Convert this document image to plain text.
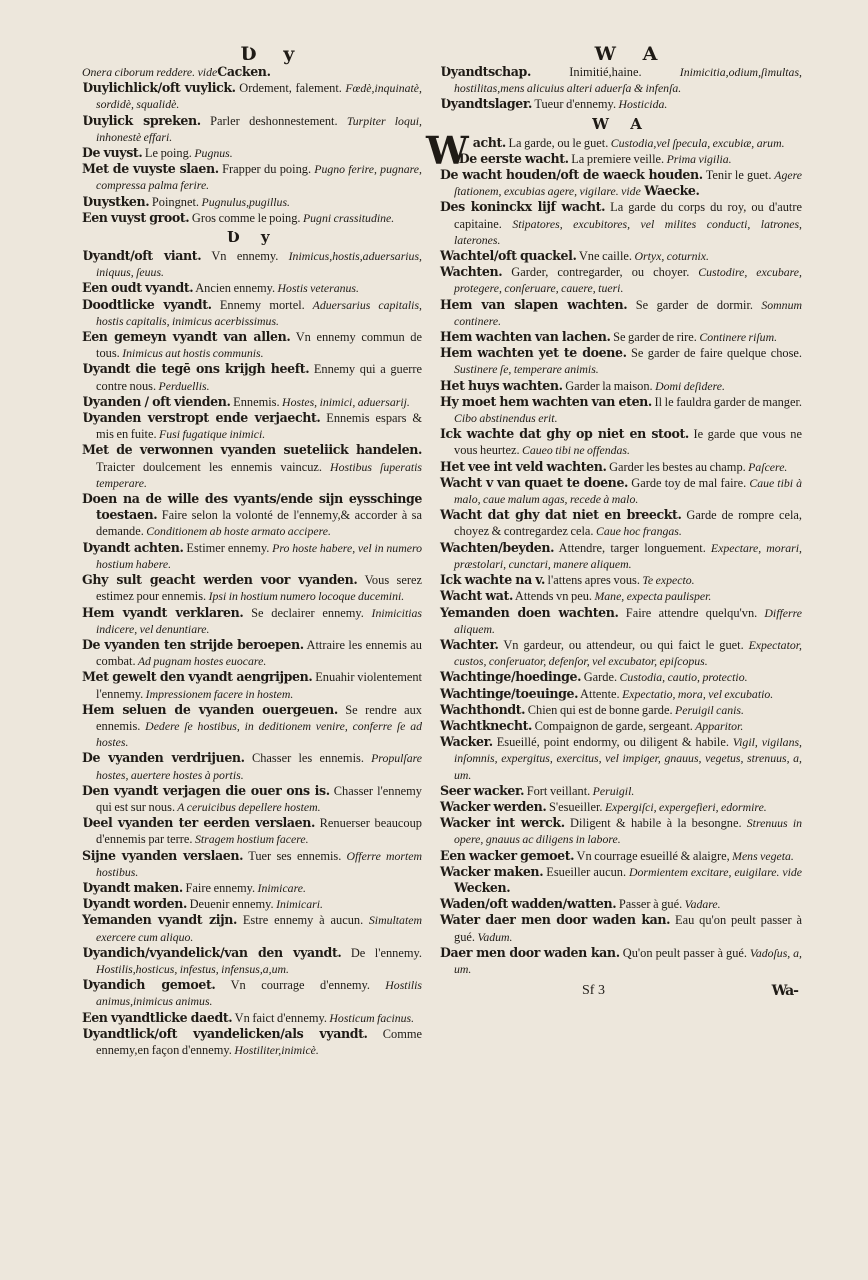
Ʋ y

Onera ciborum reddere. videCacken.

Ʋuylichlick/oft vuylick. Ordement, falement. Fœdè,inquinatè, sordidè, squalidè.

Ʋuylick spreken. Parler deshonnestement. Turpiter loqui, inhonestè effari.

De vuyst. Le poing. Pugnus.

Met de vuyste slaen. Frapper du poing. Pugno ferire, pugnare, compressa palma ferire.

Ʋuystken. Poingnet. Pugnulus,pugillus.

Een vuyst groot. Gros comme le poing. Pugni crassitudine.

Ʋ y

Ʋyandt/oft viant. Vn ennemy. Inimicus,hostis,aduersarius, iniquus, ſeuus.

Een oudt vyandt. Ancien ennemy. Hostis veteranus.

Doodtlicke vyandt. Ennemy mortel. Aduersarius capitalis, hostis capitalis, inimicus acerbissimus.

Een gemeyn vyandt van allen. Vn ennemy commun de tous. Inimicus aut hostis communis.

Ʋyandt die tegē ons krijgh heeft. Ennemy qui a guerre contre nous. Perduellis.

Ʋyanden / oft vienden. Ennemis. Hostes, inimici, aduersarij.

Ʋyanden verstropt ende verjaecht. Ennemis espars & mis en fuite. Fusi fugatique inimici.

Met de verwonnen vyanden sueteliick handelen. Traicter doulcement les ennemis vaincuz. Hostibus ſuperatis temperare.

Doen na de wille des vyants/ende sijn eysschinge toestaen. Faire selon la volonté de l'ennemy,& accorder à sa demande. Conditionem ab hoste armato accipere.

Ʋyandt achten. Estimer ennemy. Pro hoste habere, vel in numero hostium habere.

Ghy sult geacht werden voor vyanden. Vous serez estimez pour ennemis. Ipsi in hostium numero locoque ducemini.

Hem vyandt verklaren. Se declairer ennemy. Inimicitias indicere, vel denuntiare.

De vyanden ten strijde beroepen. Attraire les ennemis au combat. Ad pugnam hostes euocare.

Met gewelt den vyandt aengrijpen. Enuahir violentement l'ennemy. Impressionem facere in hostem.

Hem seluen de vyanden ouergeuen. Se rendre aux ennemis. Dedere ſe hostibus, in deditionem venire, conferre ſe ad hostes.

De vyanden verdrijuen. Chasser les ennemis. Propulſare hostes, auertere hostes à portis.

Den vyandt verjagen die ouer ons is. Chasser l'ennemy qui est sur nous. A ceruicibus depellere hostem.

Ʋeel vyanden ter eerden verslaen. Renuerser beaucoup d'ennemis par terre. Stragem hostium facere.

Sijne vyanden verslaen. Tuer ses ennemis. Offerre mortem hostibus.

Ʋyandt maken. Faire ennemy. Inimicare.

Ʋyandt worden. Deuenir ennemy. Inimicari.

Yemanden vyandt zijn. Estre ennemy à aucun. Simultatem exercere cum aliquo.

Ʋyandich/vyandelick/van den vyandt. De l'ennemy. Hostilis,hosticus, infestus, infensus,a,um.

Ʋyandich gemoet. Vn courrage d'ennemy. Hostilis animus,inimicus animus.

Een vyandtlicke daedt. Vn faict d'ennemy. Hosticum facinus.

Ʋyandtlick/oft vyandelicken/als vyandt. Comme ennemy,en façon d'ennemy. Hostiliter,inimicè.

W A

Ʋyandtschap. Inimitié,haine. Inimicitia,odium,ſimultas, hostilitas,mens alicuius alteri aduerſa & infenſa.

Ʋyandtslager. Tueur d'ennemy. Hosticida.

W A

Wacht. La garde, ou le guet. Custodia,vel ſpecula, excubiæ, arum.

De eerste wacht. La premiere veille. Prima vigilia.

De wacht houden/oft de waeck houden. Tenir le guet. Agere ſtationem, excubias agere, vigilare. vide Waecke.

Des koninckx lijf wacht. La garde du corps du roy, ou d'autre capitaine. Stipatores, excubitores, vel milites conducti, latrones, laterones.

Wachtel/oft quackel. Vne caille. Ortyx, coturnix.

Wachten. Garder, contregarder, ou choyer. Custodire, excubare, protegere, conſeruare, cauere, tueri.

Hem van slapen wachten. Se garder de dormir. Somnum continere.

Hem wachten van lachen. Se garder de rire. Continere riſum.

Hem wachten yet te doene. Se garder de faire quelque chose. Sustinere ſe, temperare animis.

Het huys wachten. Garder la maison. Domi deſidere.

Hy moet hem wachten van eten. Il le fauldra garder de manger. Cibo abstinendus erit.

Ick wachte dat ghy op niet en stoot. Ie garde que vous ne vous heurtez. Caueo tibi ne offendas.

Het vee int veld wachten. Garder les bestes au champ. Paſcere.

Wacht v van quaet te doene. Garde toy de mal faire. Caue tibi à malo, caue malum agas, recede à malo.

Wacht dat ghy dat niet en breeckt. Garde de rompre cela, choyez & contregardez cela. Caue hoc frangas.

Wachten/beyden. Attendre, targer longuement. Expectare, morari, præstolari, cunctari, manere aliquem.

Ick wachte na v. l'attens apres vous. Te expecto.

Wacht wat. Attends vn peu. Mane, expecta paulisper.

Yemanden doen wachten. Faire attendre quelqu'vn. Differre aliquem.

Wachter. Vn gardeur, ou attendeur, ou qui faict le guet. Expectator, custos, conſeruator, defenſor, vel excubator, epiſcopus.

Wachtinge/hoedinge. Garde. Custodia, cautio, protectio.

Wachtinge/toeuinge. Attente. Expectatio, mora, vel excubatio.

Wachthondt. Chien qui est de bonne garde. Peruigil canis.

Wachtknecht. Compaignon de garde, sergeant. Apparitor.

Wacker. Esueillé, point endormy, ou diligent & habile. Vigil, vigilans, inſomnis, expergitus, exercitus, vel impiger, gnauus, vegetus, strenuus, a, um.

Seer wacker. Fort veillant. Peruigil.

Wacker werden. S'esueiller. Expergiſci, expergefieri, edormire.

Wacker int werck. Diligent & habile à la besongne. Strenuus in opere, gnauus ac diligens in labore.

Een wacker gemoet. Vn courrage esueillé & alaigre, Mens vegeta.

Wacker maken. Esueiller aucun. Dormientem excitare, euigilare. vide Wecken.

Waden/oft wadden/watten. Passer à gué. Vadare.

Water daer men door waden kan. Eau qu'on peult passer à gué. Vadum.

Daer men door waden kan. Qu'on peult passer à gué. Vadoſus, a, um.

Sf 3	Wa-
